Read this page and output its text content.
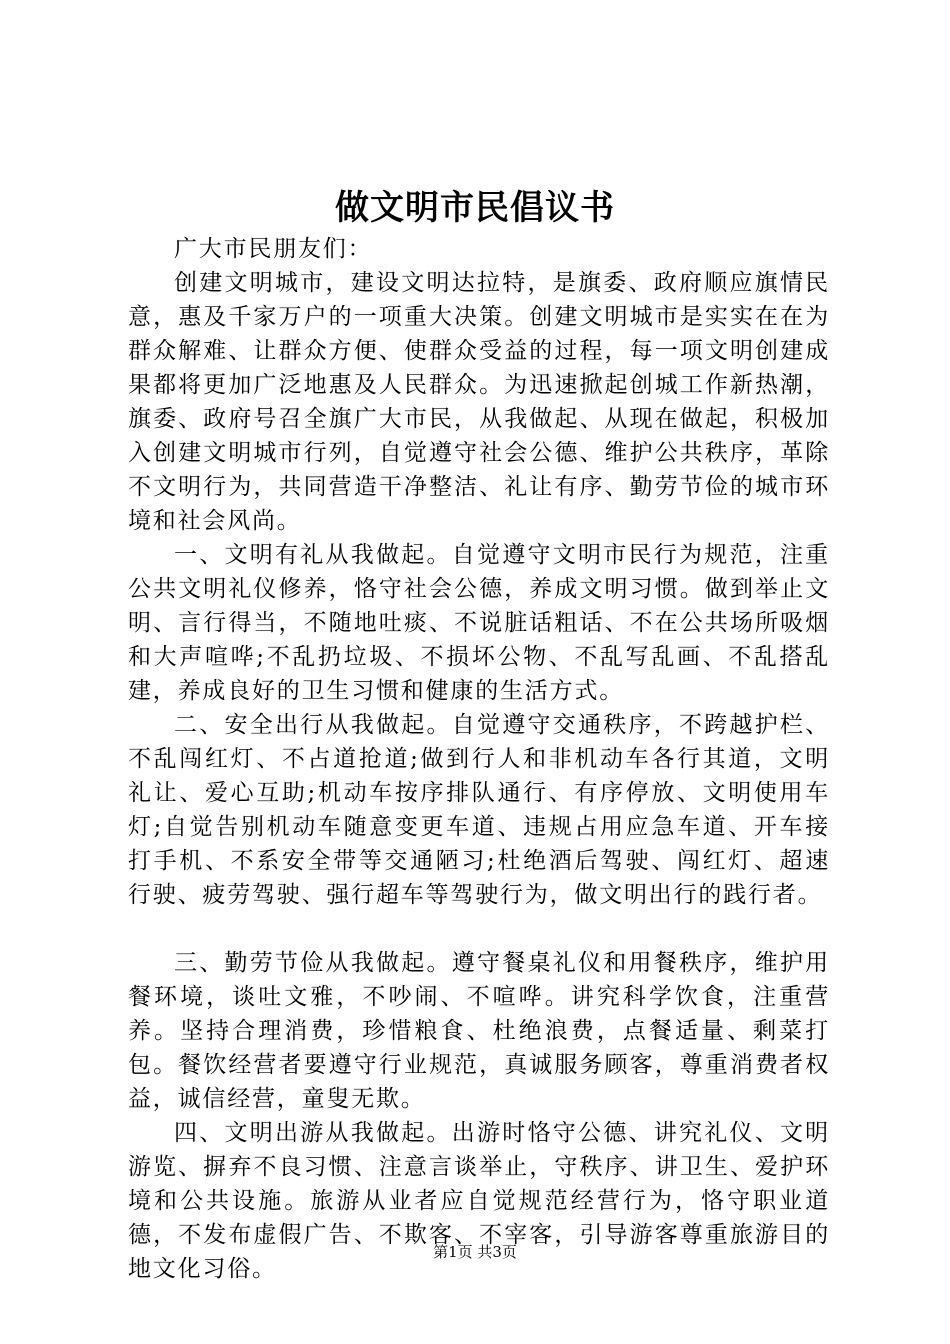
做文明市民倡议书

广大市民朋友们：

创建文明城市，建设文明达拉特，是旗委、政府顺应旗情民意，惠及千家万户的一项重大决策。创建文明城市是实实在在为群众解难、让群众方便、使群众受益的过程，每一项文明创建成果都将更加广泛地惠及人民群众。为迅速掀起创城工作新热潮，旗委、政府号召全旗广大市民，从我做起、从现在做起，积极加入创建文明城市行列，自觉遵守社会公德、维护公共秩序，革除不文明行为，共同营造干净整洁、礼让有序、勤劳节俭的城市环境和社会风尚。

一、文明有礼从我做起。自觉遵守文明市民行为规范，注重公共文明礼仪修养，恪守社会公德，养成文明习惯。做到举止文明、言行得当，不随地吐痰、不说脏话粗话、不在公共场所吸烟和大声喧哗;不乱扔垃圾、不损坏公物、不乱写乱画、不乱搭乱建，养成良好的卫生习惯和健康的生活方式。

二、安全出行从我做起。自觉遵守交通秩序，不跨越护栏、不乱闯红灯、不占道抢道;做到行人和非机动车各行其道，文明礼让、爱心互助;机动车按序排队通行、有序停放、文明使用车灯;自觉告别机动车随意变更车道、违规占用应急车道、开车接打手机、不系安全带等交通陋习;杜绝酒后驾驶、闯红灯、超速行驶、疲劳驾驶、强行超车等驾驶行为，做文明出行的践行者。

三、勤劳节俭从我做起。遵守餐桌礼仪和用餐秩序，维护用餐环境，谈吐文雅，不吵闹、不喧哗。讲究科学饮食，注重营养。坚持合理消费，珍惜粮食、杜绝浪费，点餐适量、剩菜打包。餐饮经营者要遵守行业规范，真诚服务顾客，尊重消费者权益，诚信经营，童叟无欺。

四、文明出游从我做起。出游时恪守公德、讲究礼仪、文明游览、摒弃不良习惯、注意言谈举止，守秩序、讲卫生、爱护环境和公共设施。旅游从业者应自觉规范经营行为，恪守职业道德，不发布虚假广告、不欺客、不宰客，引导游客尊重旅游目的地文化习俗。

第1页 共3页
